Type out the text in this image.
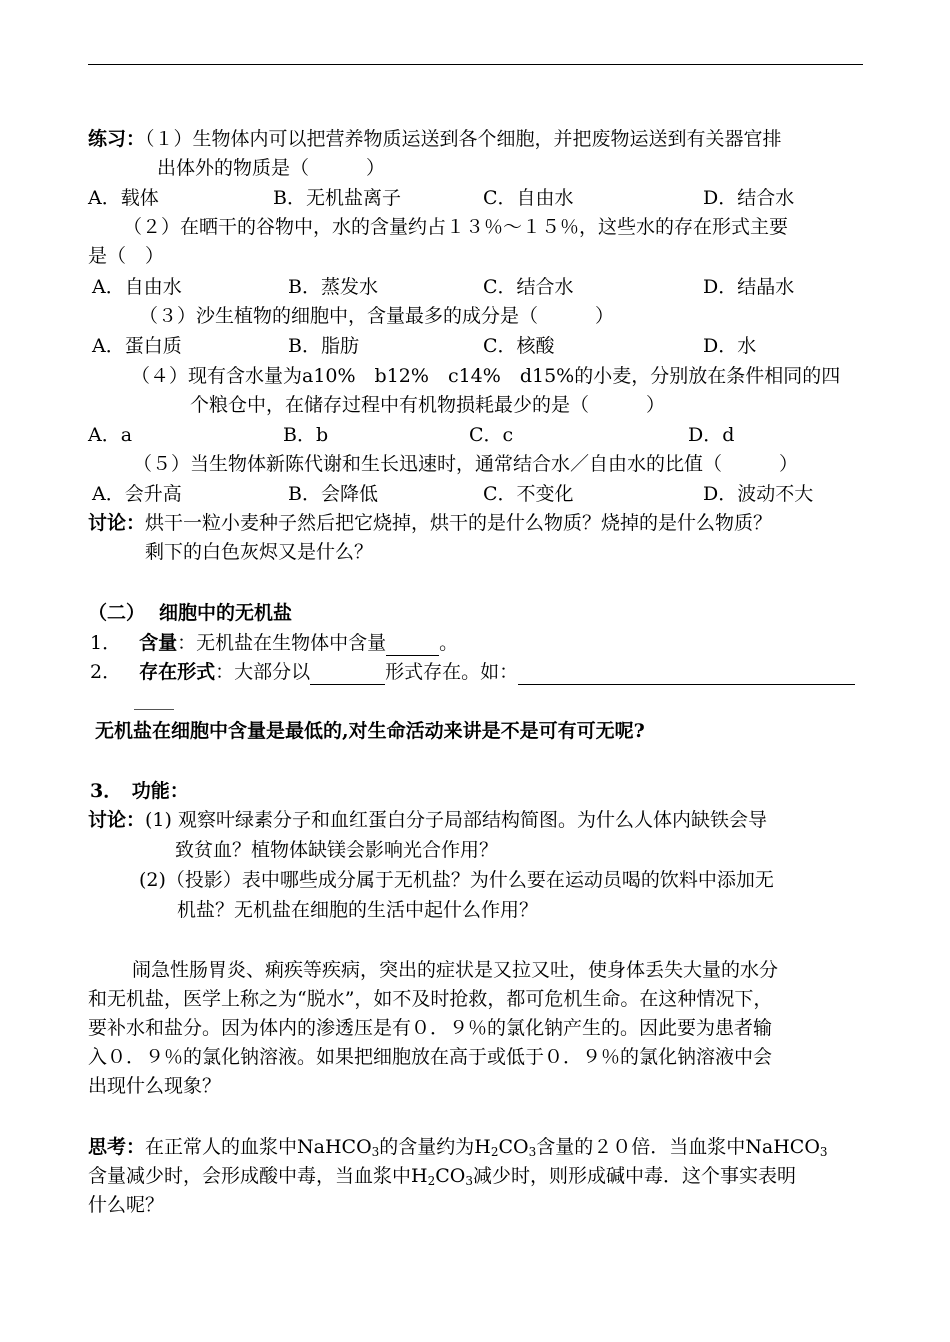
练习：（１）生物体内可以把营养物质运送到各个细胞，并把废物运送到有关器官排
出体外的物质是（　　　）
A．载体	B．无机盐离子	C．自由水	D．结合水
（２）在晒干的谷物中，水的含量约占１３％～１５％，这些水的存在形式主要
是（　）
A．自由水	B．蒸发水	C．结合水	D．结晶水
（３）沙生植物的细胞中，含量最多的成分是（　　　）
A．蛋白质	B．脂肪	C．核酸	D．水
（４）现有含水量为a10%　b12%　c14%　d15%的小麦，分别放在条件相同的四
个粮仓中，在储存过程中有机物损耗最少的是（　　　）
A．a	B．b	C．c	D．d
（５）当生物体新陈代谢和生长迅速时，通常结合水／自由水的比值（　　　）
A．会升高	B．会降低	C．不变化	D．波动不大
讨论：烘干一粒小麦种子然后把它烧掉，烘干的是什么物质？烧掉的是什么物质？
剩下的白色灰烬又是什么？
（二） 细胞中的无机盐
1． 含量：无机盐在生物体中含量	。
2． 存在形式：大部分以	形式存在。如：
无机盐在细胞中含量是最低的,对生命活动来讲是不是可有可无呢?
3．　功能：
讨论：(1) 观察叶绿素分子和血红蛋白分子局部结构简图。为什么人体内缺铁会导
致贫血？植物体缺镁会影响光合作用？
(2)（投影）表中哪些成分属于无机盐？为什么要在运动员喝的饮料中添加无
机盐？无机盐在细胞的生活中起什么作用？
闹急性肠胃炎、痢疾等疾病，突出的症状是又拉又吐，使身体丢失大量的水分
和无机盐，医学上称之为“脱水”，如不及时抢救，都可危机生命。在这种情况下，
要补水和盐分。因为体内的渗透压是有０．９％的氯化钠产生的。因此要为患者输
入０．９％的氯化钠溶液。如果把细胞放在高于或低于０．９％的氯化钠溶液中会
出现什么现象？
思考：在正常人的血浆中NaHCO$_3$的含量约为$H_2CO_3$含量的２０倍．当血浆中NaHCO$_3$
含量减少时，会形成酸中毒，当血浆中$H_2CO_3$减少时，则形成碱中毒．这个事实表明
什么呢？
